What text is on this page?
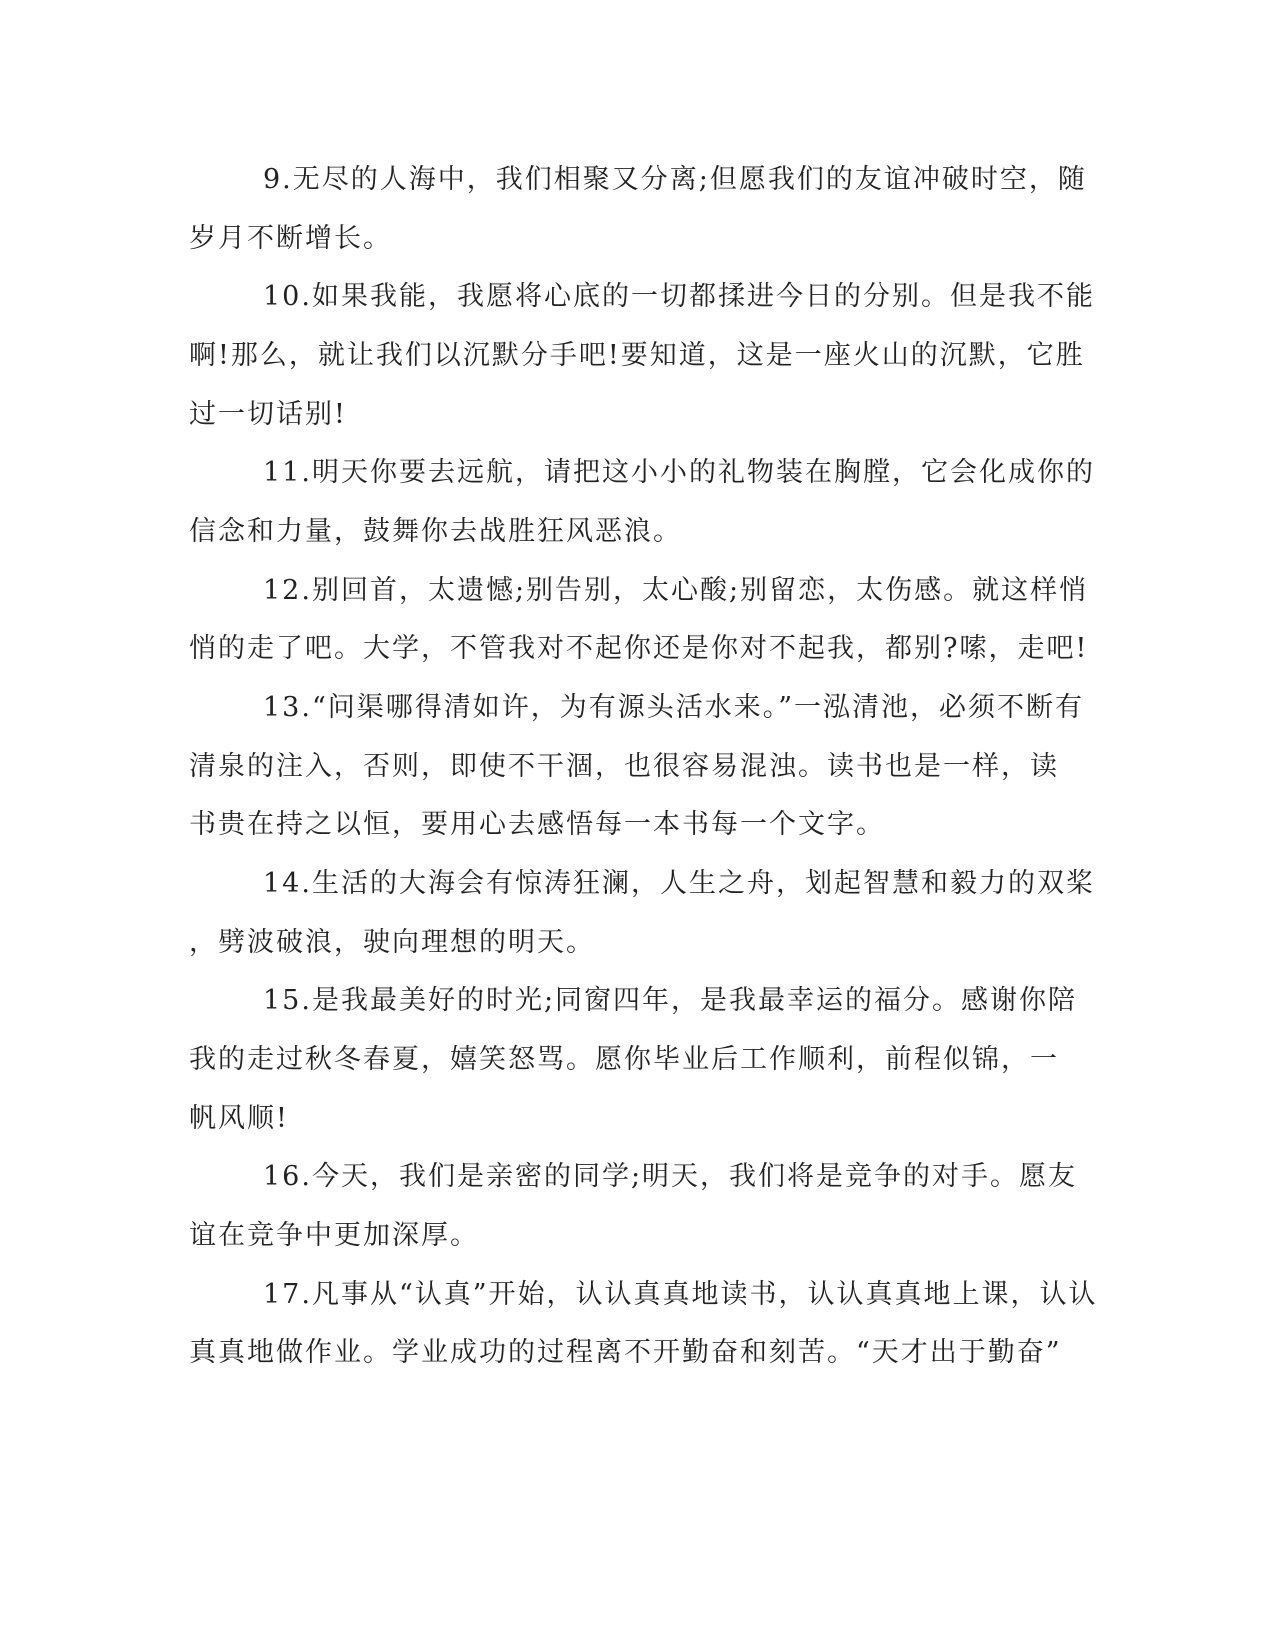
9.无尽的人海中，我们相聚又分离;但愿我们的友谊冲破时空，随
岁月不断增长。
10.如果我能，我愿将心底的一切都揉进今日的分别。但是我不能
啊!那么，就让我们以沉默分手吧!要知道，这是一座火山的沉默，它胜
过一切话别!
11.明天你要去远航，请把这小小的礼物装在胸膛，它会化成你的
信念和力量，鼓舞你去战胜狂风恶浪。
12.别回首，太遗憾;别告别，太心酸;别留恋，太伤感。就这样悄
悄的走了吧。大学，不管我对不起你还是你对不起我，都别?嗦，走吧!
13.“问渠哪得清如许，为有源头活水来。”一泓清池，必须不断有
清泉的注入，否则，即使不干涸，也很容易混浊。读书也是一样，读
书贵在持之以恒，要用心去感悟每一本书每一个文字。
14.生活的大海会有惊涛狂澜，人生之舟，划起智慧和毅力的双桨
，劈波破浪，驶向理想的明天。
15.是我最美好的时光;同窗四年，是我最幸运的福分。感谢你陪
我的走过秋冬春夏，嬉笑怒骂。愿你毕业后工作顺利，前程似锦，一
帆风顺!
16.今天，我们是亲密的同学;明天，我们将是竞争的对手。愿友
谊在竞争中更加深厚。
17.凡事从“认真”开始，认认真真地读书，认认真真地上课，认认
真真地做作业。学业成功的过程离不开勤奋和刻苦。“天才出于勤奋”
